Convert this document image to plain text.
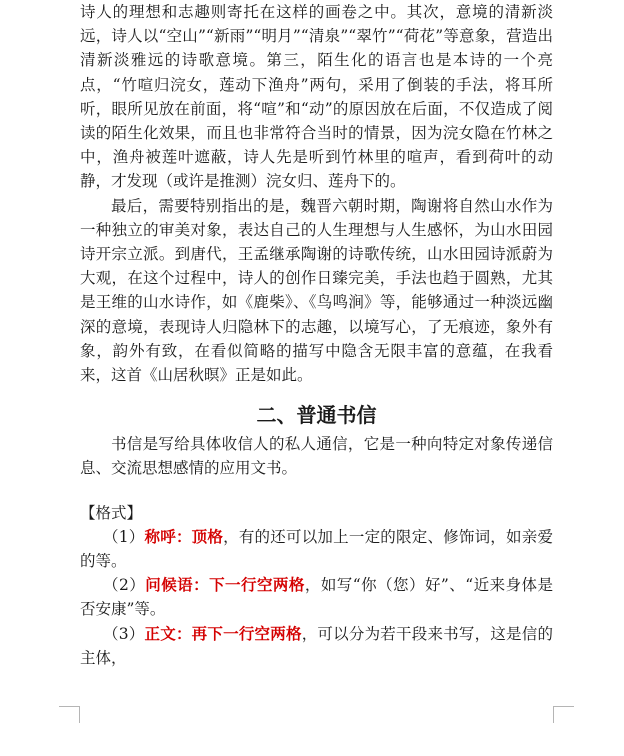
诗人的理想和志趣则寄托在这样的画卷之中。其次，意境的清新淡远，诗人以“空山”“新雨”“明月”“清泉”“翠竹”“荷花”等意象，营造出清新淡雅远的诗歌意境。第三，陌生化的语言也是本诗的一个亮点，“竹喧归浣女，莲动下渔舟”两句，采用了倒装的手法，将耳所听，眼所见放在前面，将“喧”和“动”的原因放在后面，不仅造成了阅读的陌生化效果，而且也非常符合当时的情景，因为浣女隐在竹林之中，渔舟被莲叶遮蔽，诗人先是听到竹林里的喧声，看到荷叶的动静，才发现（或许是推测）浣女归、莲舟下的。

最后，需要特别指出的是，魏晋六朝时期，陶谢将自然山水作为一种独立的审美对象，表达自己的人生理想与人生感怀，为山水田园诗开宗立派。到唐代，王孟继承陶谢的诗歌传统，山水田园诗派蔚为大观，在这个过程中，诗人的创作日臻完美，手法也趋于圆熟，尤其是王维的山水诗作，如《鹿柴》、《鸟鸣涧》等，能够通过一种淡远幽深的意境，表现诗人归隐林下的志趣，以境写心，了无痕迹，象外有象，韵外有致，在看似简略的描写中隐含无限丰富的意蕴，在我看来，这首《山居秋暝》正是如此。

二、普通书信

书信是写给具体收信人的私人通信，它是一种向特定对象传递信息、交流思想感情的应用文书。

【格式】

（1）称呼：顶格，有的还可以加上一定的限定、修饰词，如亲爱的等。

（2）问候语：下一行空两格，如写“你（您）好”、“近来身体是否安康”等。

（3）正文：再下一行空两格，可以分为若干段来书写，这是信的主体，
